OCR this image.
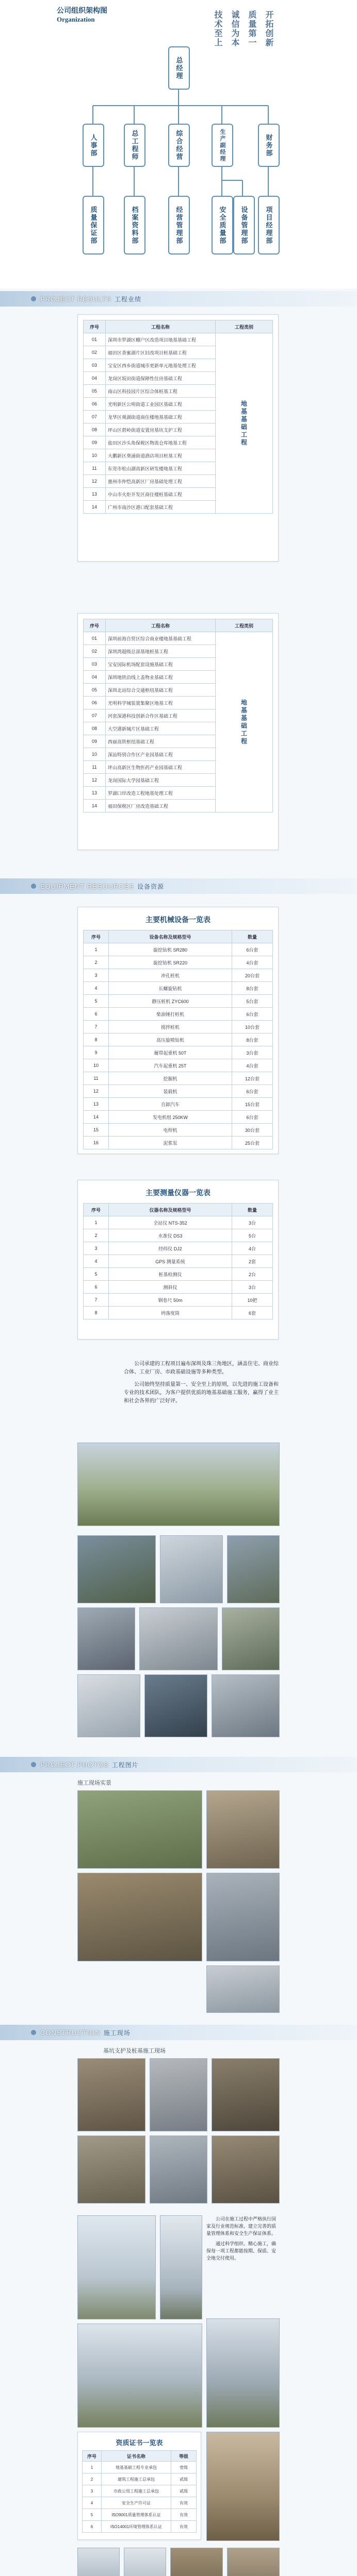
公司组织架构图
Organization	技术至上 诚信为本 质量第一 开拓创新
总经理
人事部	总工程师	综合经营	生产副经理	财务部
质量保证部	档案资料部	经营管理部	安全质量部	设备管理部	项目经理部
PROJECT RESULTS 工程业绩
序号	工程名称	工程类别
01	深圳市罗湖区棚户区改造项目地基基础工程	地基基础工程
02	福田区香蜜湖片区旧改项目桩基础工程	
03	宝安区西乡街道城市更新单元地基处理工程	
04	龙岗区坂田街道保障性住房基础工程	
05	南山区科技园片区综合体桩基工程	
06	光明新区公明街道工业园区基础工程	
07	龙华区观湖街道商住楼地基基础工程	
08	坪山区碧岭街道安置房基坑支护工程	
09	盐田区沙头角保税区物流仓库地基工程	
10	大鹏新区葵涌街道酒店项目桩基工程	
11	东莞市松山湖高新区研发楼地基工程	
12	惠州市仲恺高新区厂房基础处理工程	
13	中山市火炬开发区商住楼桩基础工程	
14	广州市南沙区港口配套基础工程	
序号	工程名称	工程类别
01	深圳前海自贸区综合商业楼地基基础工程	地基基础工程
02	深圳湾超级总部基地桩基工程	
03	宝安国际机场配套设施基础工程	
04	深圳地铁沿线上盖物业基础工程	
05	深圳北站综合交通枢纽基础工程	
06	光明科学城装置集聚区地基工程	
07	河套深港科技创新合作区基础工程	
08	大空港新城片区基础工程	
09	西丽高铁枢纽基础工程	
10	深汕特别合作区产业园基础工程	
11	坪山高新区生物医药产业园基础工程	
12	龙岗国际大学园基础工程	
13	罗湖口岸改造工程地基处理工程	
14	福田保税区厂房改造基础工程	
EQUIPMENT RESOURCES 设备资源
主要机械设备一览表
序号	设备名称及规格型号	数量
1	旋挖钻机 SR280	6台套
2	旋挖钻机 SR220	4台套
3	冲孔桩机	20台套
4	长螺旋钻机	8台套
5	静压桩机 ZYC600	5台套
6	柴油锤打桩机	6台套
7	搅拌桩机	10台套
8	高压旋喷钻机	8台套
9	履带起重机 50T	3台套
10	汽车起重机 25T	4台套
11	挖掘机	12台套
12	装载机	6台套
13	自卸汽车	15台套
14	发电机组 250KW	6台套
15	电焊机	30台套
16	泥浆泵	25台套
主要测量仪器一览表
序号	仪器名称及规格型号	数量
1	全站仪 NTS-352	3台
2	水准仪 DS3	5台
3	经纬仪 DJ2	4台
4	GPS 测量系统	2套
5	桩基检测仪	2台
6	测斜仪	3台
7	钢卷尺 50m	10把
8	坍落度筒	6套

公司承建的工程项目遍布深圳及珠三角地区，涵盖住宅、商业综合体、工业厂房、市政基础设施等多种类型。

公司始终坚持质量第一、安全至上的原则，以先进的施工设备和专业的技术团队，为客户提供优质的地基基础施工服务，赢得了业主和社会各界的广泛好评。

PROJECT PHOTOS 工程图片
施工现场实景
CONSTRUCTION 施工现场
基坑支护及桩基施工现场

公司在施工过程中严格执行国家及行业规范标准，建立完善的质量管理体系和安全生产保证体系。

通过科学组织、精心施工，确保每一项工程都能按期、保质、安全地交付使用。

资质证书一览表
序号	证书名称	等级
1	地基基础工程专业承包	壹级
2	建筑工程施工总承包	贰级
3	市政公用工程施工总承包	贰级
4	安全生产许可证	有效
5	ISO9001质量管理体系认证	有效
6	ISO14001环境管理体系认证	有效
